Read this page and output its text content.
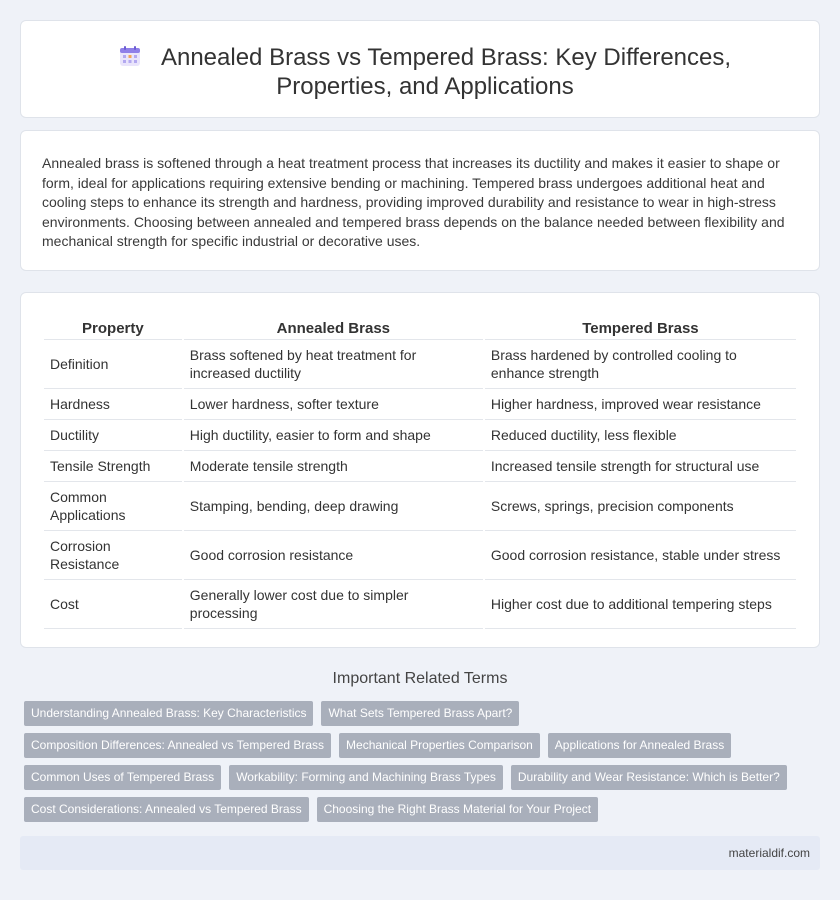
Annealed Brass vs Tempered Brass: Key Differences, Properties, and Applications

Annealed brass is softened through a heat treatment process that increases its ductility and makes it easier to shape or form, ideal for applications requiring extensive bending or machining. Tempered brass undergoes additional heat and cooling steps to enhance its strength and hardness, providing improved durability and resistance to wear in high-stress environments. Choosing between annealed and tempered brass depends on the balance needed between flexibility and mechanical strength for specific industrial or decorative uses.

Property	Annealed Brass	Tempered Brass
Definition	Brass softened by heat treatment for increased ductility	Brass hardened by controlled cooling to enhance strength
Hardness	Lower hardness, softer texture	Higher hardness, improved wear resistance
Ductility	High ductility, easier to form and shape	Reduced ductility, less flexible
Tensile Strength	Moderate tensile strength	Increased tensile strength for structural use
Common Applications	Stamping, bending, deep drawing	Screws, springs, precision components
Corrosion Resistance	Good corrosion resistance	Good corrosion resistance, stable under stress
Cost	Generally lower cost due to simpler processing	Higher cost due to additional tempering steps
Important Related Terms
Understanding Annealed Brass: Key Characteristics	What Sets Tempered Brass Apart?
Composition Differences: Annealed vs Tempered Brass	Mechanical Properties Comparison	Applications for Annealed Brass
Common Uses of Tempered Brass	Workability: Forming and Machining Brass Types	Durability and Wear Resistance: Which is Better?
Cost Considerations: Annealed vs Tempered Brass	Choosing the Right Brass Material for Your Project
materialdif.com
